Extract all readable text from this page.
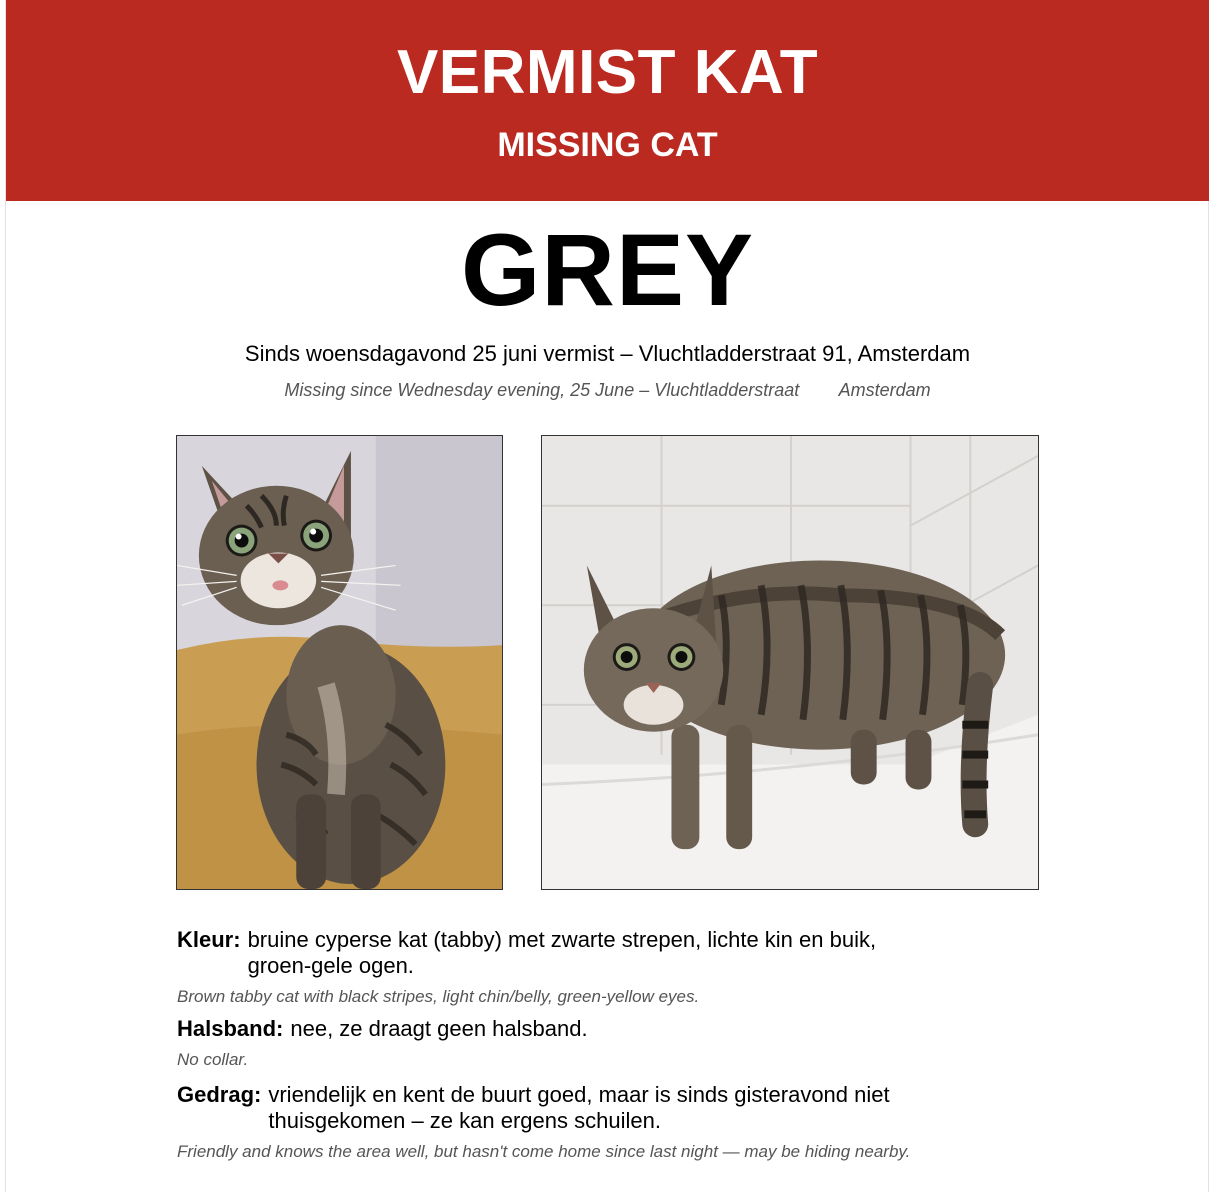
VERMIST KAT
MISSING CAT
GREY
Sinds woensdagavond 25 juni vermist – Vluchtladderstraat 91, Amsterdam
Missing since Wednesday evening, 25 June – Vluchtladderstraat        Amsterdam
Kleur: bruine cyperse kat (tabby) met zwarte strepen, lichte kin en buik,
groen-gele ogen.
Brown tabby cat with black stripes, light chin/belly, green-yellow eyes.
Halsband: nee, ze draagt geen halsband.
No collar.
Gedrag: vriendelijk en kent de buurt goed, maar is sinds gisteravond niet
thuisgekomen – ze kan ergens schuilen.
Friendly and knows the area well, but hasn't come home since last night — may be hiding nearby.
